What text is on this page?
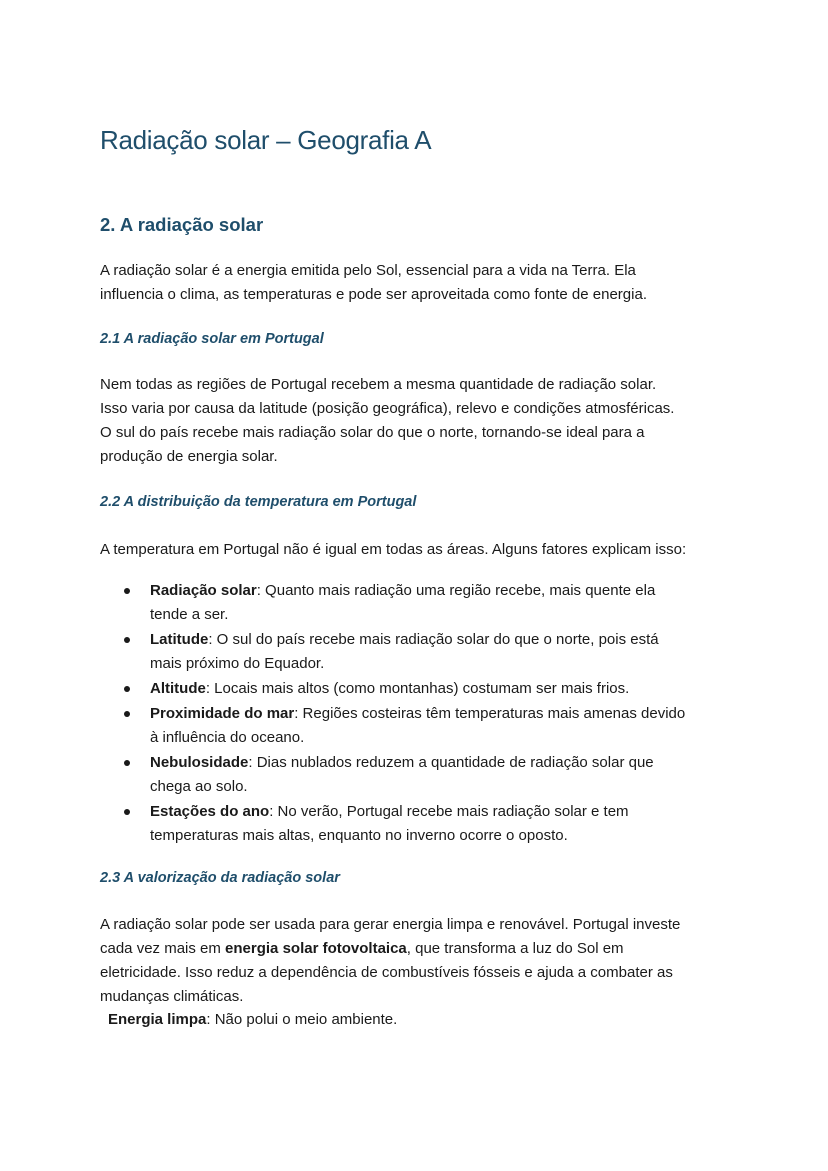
Radiação solar – Geografia A
2. A radiação solar

A radiação solar é a energia emitida pelo Sol, essencial para a vida na Terra. Ela
influencia o clima, as temperaturas e pode ser aproveitada como fonte de energia.

2.1 A radiação solar em Portugal

Nem todas as regiões de Portugal recebem a mesma quantidade de radiação solar.
Isso varia por causa da latitude (posição geográfica), relevo e condições atmosféricas.
O sul do país recebe mais radiação solar do que o norte, tornando-se ideal para a
produção de energia solar.

2.2 A distribuição da temperatura em Portugal

A temperatura em Portugal não é igual em todas as áreas. Alguns fatores explicam isso:

Radiação solar: Quanto mais radiação uma região recebe, mais quente ela
tende a ser.
Latitude: O sul do país recebe mais radiação solar do que o norte, pois está
mais próximo do Equador.
Altitude: Locais mais altos (como montanhas) costumam ser mais frios.
Proximidade do mar: Regiões costeiras têm temperaturas mais amenas devido
à influência do oceano.
Nebulosidade: Dias nublados reduzem a quantidade de radiação solar que
chega ao solo.
Estações do ano: No verão, Portugal recebe mais radiação solar e tem
temperaturas mais altas, enquanto no inverno ocorre o oposto.
2.3 A valorização da radiação solar

A radiação solar pode ser usada para gerar energia limpa e renovável. Portugal investe
cada vez mais em energia solar fotovoltaica, que transforma a luz do Sol em
eletricidade. Isso reduz a dependência de combustíveis fósseis e ajuda a combater as
mudanças climáticas.

Energia limpa: Não polui o meio ambiente.
